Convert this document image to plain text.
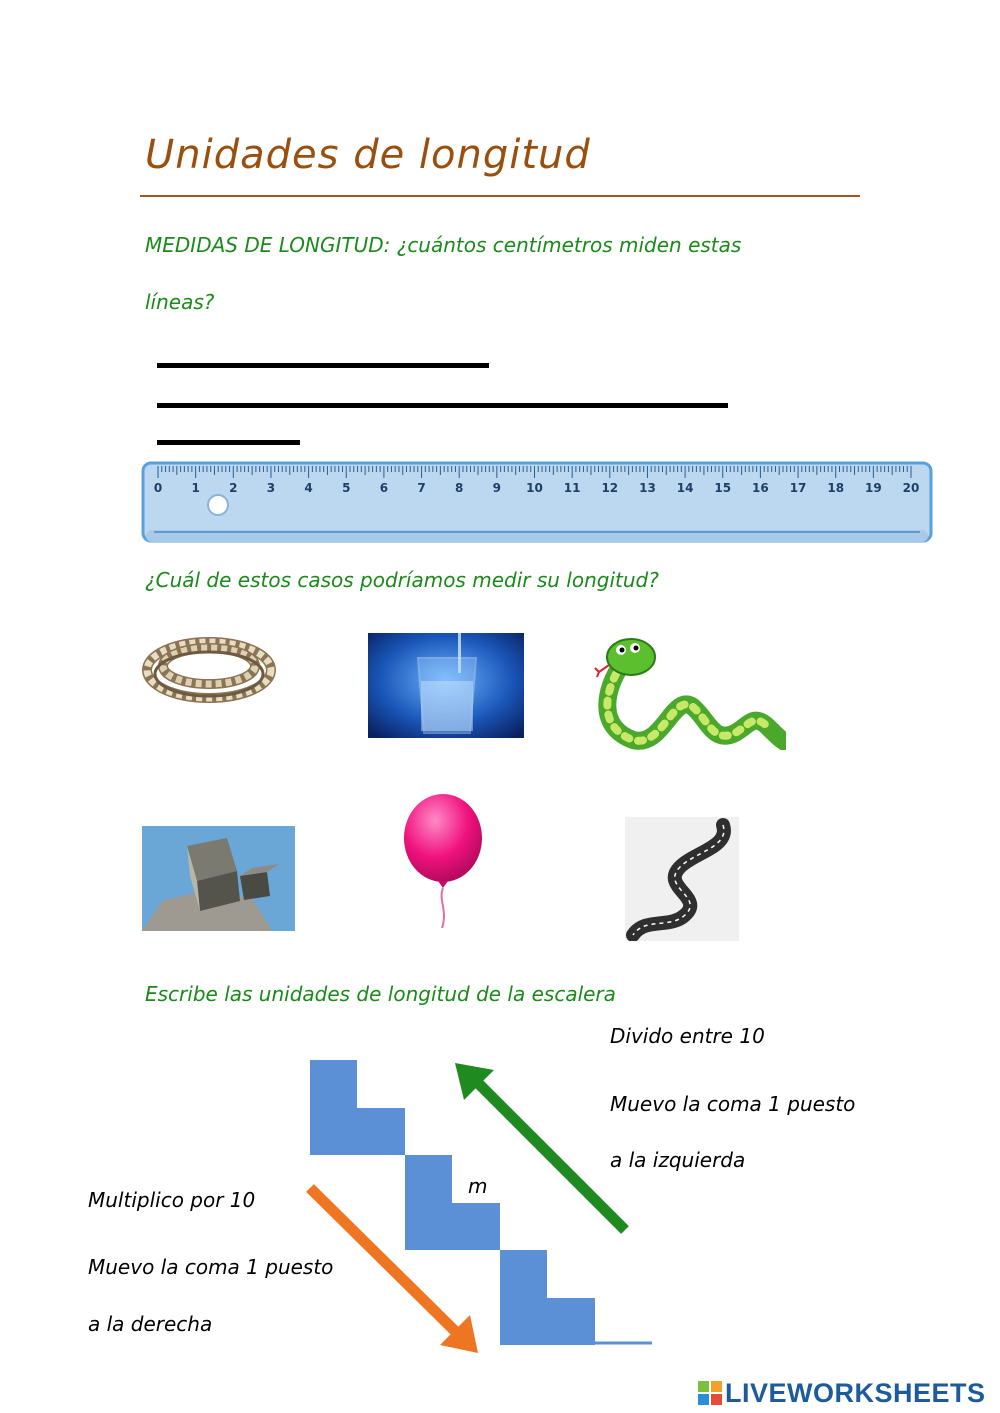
Unidades de longitud
MEDIDAS DE LONGITUD: ¿cuántos centímetros miden estas
líneas?
0 1 2 3 4 5 6 7 8 9 10 11 12 13 14 15 16 17 18 19 20
¿Cuál de estos casos podríamos medir su longitud?
Escribe las unidades de longitud de la escalera
m
Divido entre 10
Muevo la coma 1 puesto
a la izquierda
Multiplico por 10
Muevo la coma 1 puesto
a la derecha
LIVEWORKSHEETS
